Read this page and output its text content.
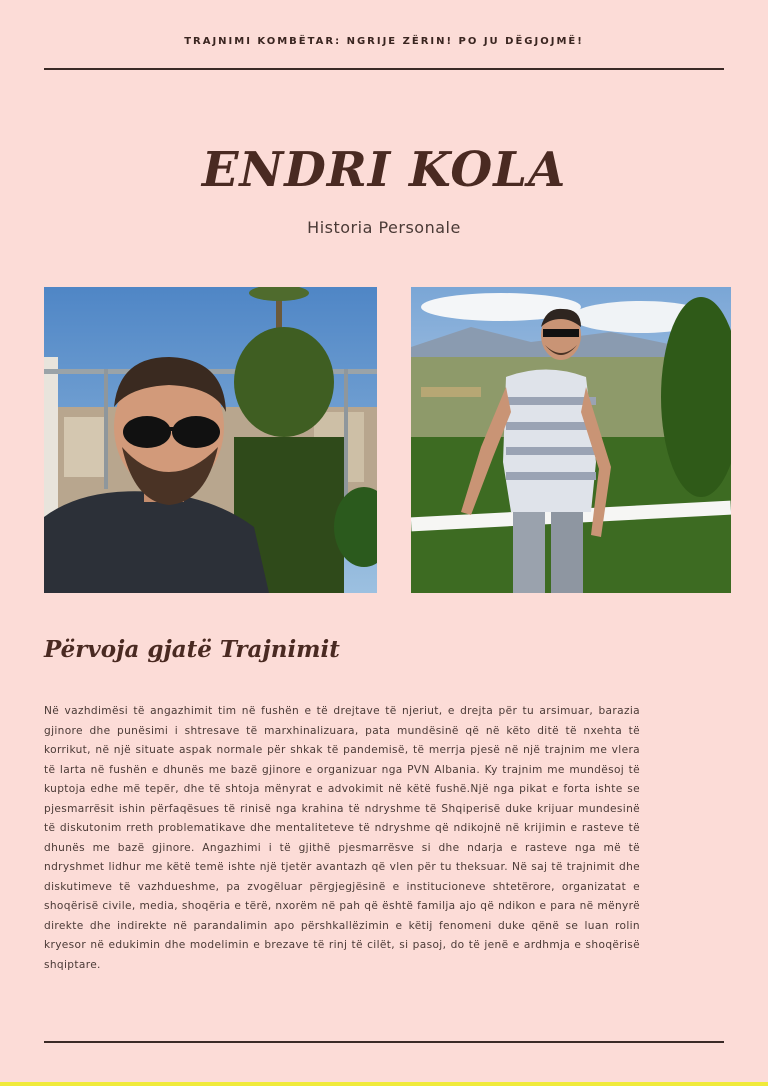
TRAJNIMI KOMBËTAR: NGRIJE ZËRIN! PO JU DËGJOJMË!
ENDRI KOLA
Historia Personale
Përvoja gjatë Trajnimit

Në vazhdimësi të angazhimit tim në fushën e të drejtave të njeriut, e drejta për tu arsimuar, barazia gjinore dhe punësimi i shtresave të marxhinalizuara, pata mundësinë që në këto ditë të nxehta të korrikut, në një situate aspak normale për shkak të pandemisë, të merrja pjesë në një trajnim me vlera të larta në fushën e dhunës me bazë gjinore e organizuar nga PVN Albania. Ky trajnim me mundësoj të kuptoja edhe më tepër, dhe të shtoja mënyrat e advokimit në këtë fushë.Një nga pikat e forta ishte se pjesmarrësit ishin përfaqësues të rinisë nga krahina të ndryshme të Shqiperisë duke krijuar mundesinë të diskutonim rreth problematikave dhe mentaliteteve të ndryshme që ndikojnë në krijimin e rasteve të dhunës me bazë gjinore. Angazhimi i të gjithë pjesmarrësve si dhe ndarja e rasteve nga më të ndryshmet lidhur me këtë temë ishte një tjetër avantazh që vlen për tu theksuar. Në saj të trajnimit dhe diskutimeve të vazhdueshme, pa zvogëluar përgjegjësinë e institucioneve shtetërore, organizatat e shoqërisë civile, media, shoqëria e tërë, nxorëm në pah që është familja ajo që ndikon e para në mënyrë direkte dhe indirekte në parandalimin apo përshkallëzimin e këtij fenomeni duke qënë se luan rolin kryesor në edukimin dhe modelimin e brezave të rinj të cilët, si pasoj, do të jenë e ardhmja e shoqërisë shqiptare.
